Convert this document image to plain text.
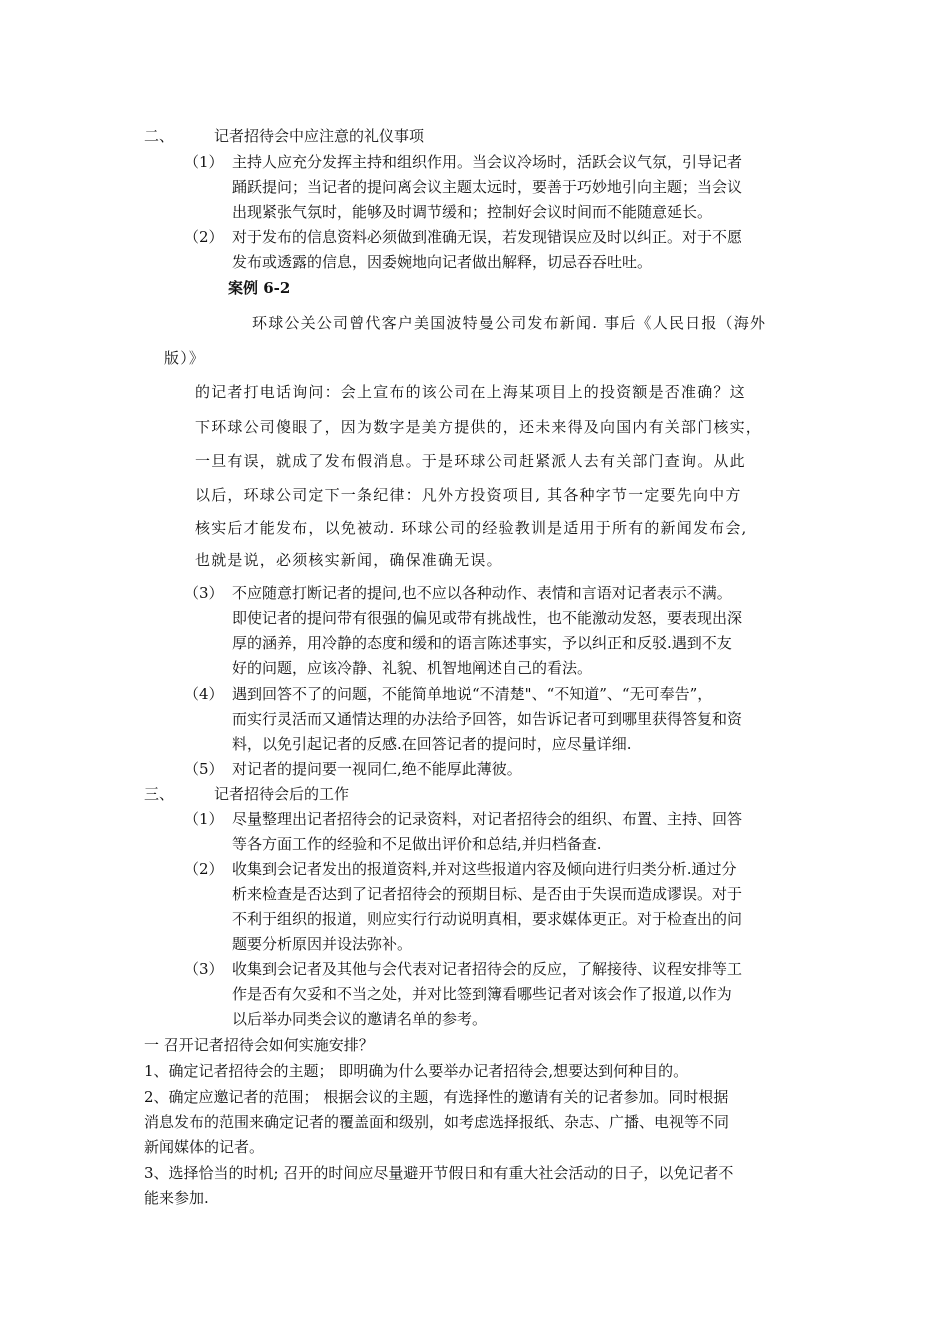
二、	记者招待会中应注意的礼仪事项
（1） 主持人应充分发挥主持和组织作用。当会议冷场时，活跃会议气氛，引导记者
踊跃提问；当记者的提问离会议主题太远时，要善于巧妙地引向主题；当会议
出现紧张气氛时，能够及时调节缓和；控制好会议时间而不能随意延长。
（2） 对于发布的信息资料必须做到准确无误，若发现错误应及时以纠正。对于不愿
发布或透露的信息，因委婉地向记者做出解释，切忌吞吞吐吐。
案例 6-2
环球公关公司曾代客户美国波特曼公司发布新闻. 事后《人民日报（海外
版）》
的记者打电话询问：会上宣布的该公司在上海某项目上的投资额是否准确？这
下环球公司傻眼了，因为数字是美方提供的，还未来得及向国内有关部门核实，
一旦有误，就成了发布假消息。于是环球公司赶紧派人去有关部门查询。从此
以后，环球公司定下一条纪律：凡外方投资项目, 其各种字节一定要先向中方
核实后才能发布，以免被动. 环球公司的经验教训是适用于所有的新闻发布会,
也就是说，必须核实新闻，确保准确无误。
（3） 不应随意打断记者的提问,也不应以各种动作、表情和言语对记者表示不满。
即使记者的提问带有很强的偏见或带有挑战性，也不能激动发怒，要表现出深
厚的涵养，用冷静的态度和缓和的语言陈述事实，予以纠正和反驳.遇到不友
好的问题，应该冷静、礼貌、机智地阐述自己的看法。
（4） 遇到回答不了的问题，不能简单地说“不清楚"、“不知道”、“无可奉告”，
而实行灵活而又通情达理的办法给予回答，如告诉记者可到哪里获得答复和资
料，以免引起记者的反感.在回答记者的提问时，应尽量详细.
（5） 对记者的提问要一视同仁,绝不能厚此薄彼。
三、	记者招待会后的工作
（1） 尽量整理出记者招待会的记录资料，对记者招待会的组织、布置、主持、回答
等各方面工作的经验和不足做出评价和总结,并归档备查.
（2） 收集到会记者发出的报道资料,并对这些报道内容及倾向进行归类分析.通过分
析来检查是否达到了记者招待会的预期目标、是否由于失误而造成谬误。对于
不利于组织的报道，则应实行行动说明真相，要求媒体更正。对于检查出的问
题要分析原因并设法弥补。
（3） 收集到会记者及其他与会代表对记者招待会的反应，了解接待、议程安排等工
作是否有欠妥和不当之处，并对比签到簿看哪些记者对该会作了报道,以作为
以后举办同类会议的邀请名单的参考。
一 召开记者招待会如何实施安排？
1、确定记者招待会的主题； 即明确为什么要举办记者招待会,想要达到何种目的。
2、确定应邀记者的范围； 根据会议的主题，有选择性的邀请有关的记者参加。同时根据
消息发布的范围来确定记者的覆盖面和级别，如考虑选择报纸、杂志、广播、电视等不同
新闻媒体的记者。
3、选择恰当的时机; 召开的时间应尽量避开节假日和有重大社会活动的日子，以免记者不
能来参加.
